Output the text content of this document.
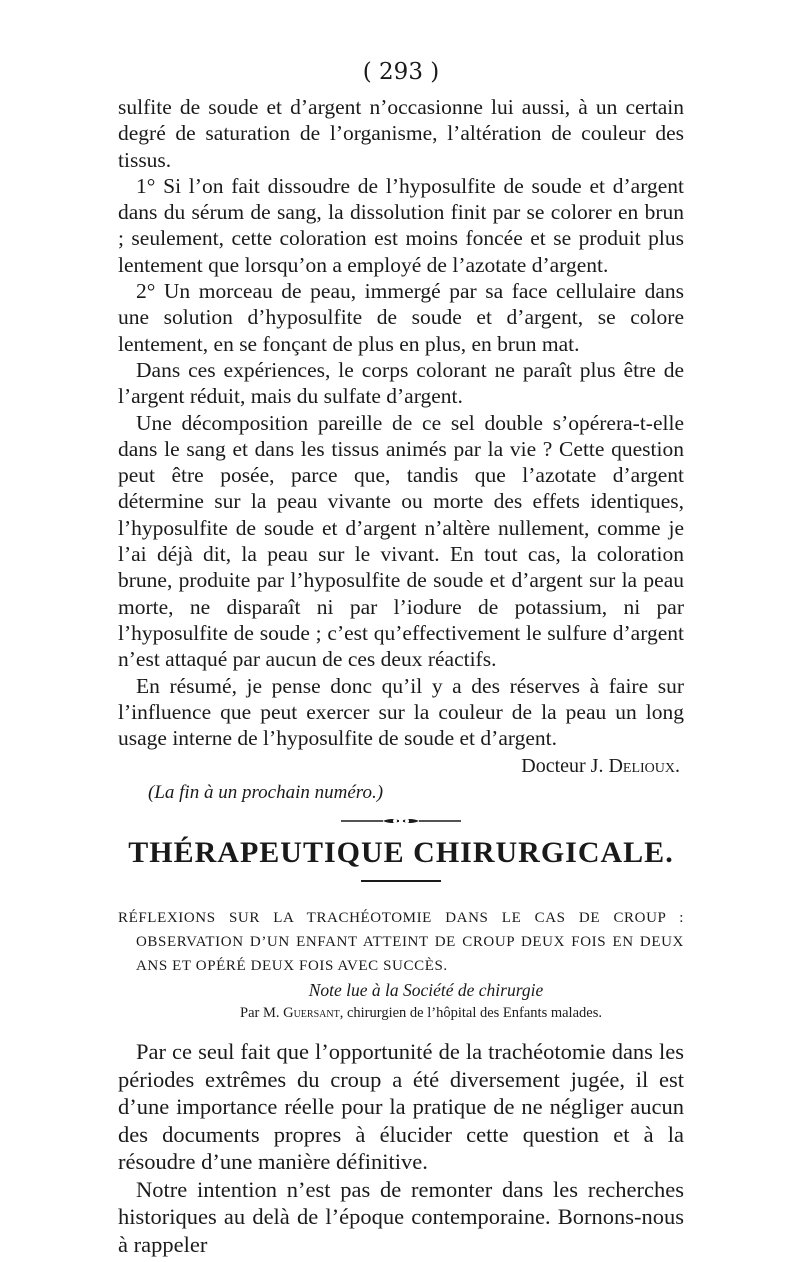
( 293 )

sulfite de soude et d’argent n’occasionne lui aussi, à un certain degré de saturation de l’organisme, l’altération de couleur des tissus.

1° Si l’on fait dissoudre de l’hyposulfite de soude et d’argent dans du sérum de sang, la dissolution finit par se colorer en brun ; seulement, cette coloration est moins foncée et se produit plus lentement que lorsqu’on a employé de l’azotate d’argent.

2° Un morceau de peau, immergé par sa face cellulaire dans une solution d’hyposulfite de soude et d’argent, se colore lentement, en se fonçant de plus en plus, en brun mat.

Dans ces expériences, le corps colorant ne paraît plus être de l’argent réduit, mais du sulfate d’argent.

Une décomposition pareille de ce sel double s’opérera-t-elle dans le sang et dans les tissus animés par la vie ? Cette question peut être posée, parce que, tandis que l’azotate d’argent détermine sur la peau vivante ou morte des effets identiques, l’hyposulfite de soude et d’argent n’altère nullement, comme je l’ai déjà dit, la peau sur le vivant. En tout cas, la coloration brune, produite par l’hyposulfite de soude et d’argent sur la peau morte, ne disparaît ni par l’iodure de potassium, ni par l’hyposulfite de soude ; c’est qu’effectivement le sulfure d’argent n’est attaqué par aucun de ces deux réactifs.

En résumé, je pense donc qu’il y a des réserves à faire sur l’influence que peut exercer sur la couleur de la peau un long usage interne de l’hyposulfite de soude et d’argent.

Docteur J. Delioux.
(La fin à un prochain numéro.)
THÉRAPEUTIQUE CHIRURGICALE.

RÉFLEXIONS SUR LA TRACHÉOTOMIE DANS LE CAS DE CROUP : OBSERVATION D’UN ENFANT ATTEINT DE CROUP DEUX FOIS EN DEUX ANS ET OPÉRÉ DEUX FOIS AVEC SUCCÈS.

Note lue à la Société de chirurgie
Par M. Guersant, chirurgien de l’hôpital des Enfants malades.

Par ce seul fait que l’opportunité de la trachéotomie dans les périodes extrêmes du croup a été diversement jugée, il est d’une importance réelle pour la pratique de ne négliger aucun des documents propres à élucider cette question et à la résoudre d’une manière définitive.

Notre intention n’est pas de remonter dans les recherches historiques au delà de l’époque contemporaine. Bornons-nous à rappeler
